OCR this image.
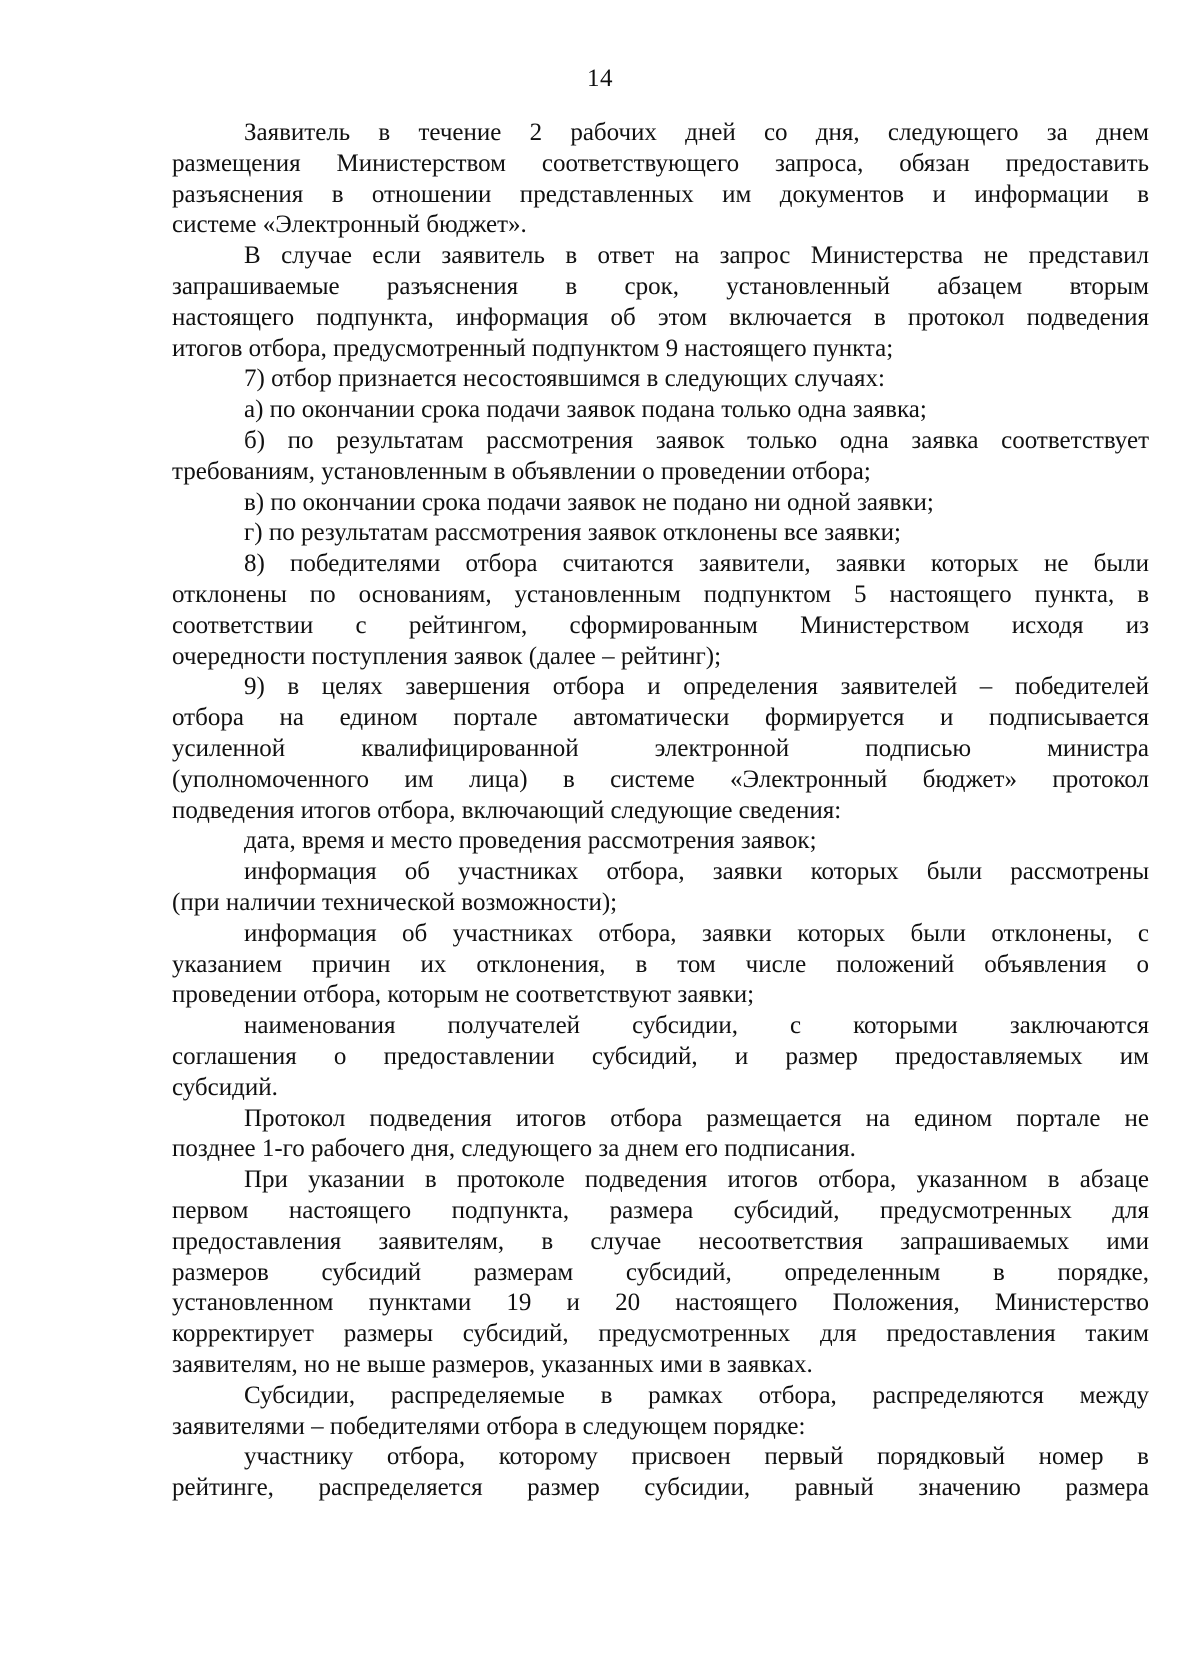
14
Заявитель в течение 2 рабочих дней со дня, следующего за днем
размещения Министерством соответствующего запроса, обязан предоставить
разъяснения в отношении представленных им документов и информации в
системе «Электронный бюджет».
В случае если заявитель в ответ на запрос Министерства не представил
запрашиваемые разъяснения в срок, установленный абзацем вторым
настоящего подпункта, информация об этом включается в протокол подведения
итогов отбора, предусмотренный подпунктом 9 настоящего пункта;
7) отбор признается несостоявшимся в следующих случаях:
а) по окончании срока подачи заявок подана только одна заявка;
б) по результатам рассмотрения заявок только одна заявка соответствует
требованиям, установленным в объявлении о проведении отбора;
в) по окончании срока подачи заявок не подано ни одной заявки;
г) по результатам рассмотрения заявок отклонены все заявки;
8) победителями отбора считаются заявители, заявки которых не были
отклонены по основаниям, установленным подпунктом 5 настоящего пункта, в
соответствии с рейтингом, сформированным Министерством исходя из
очередности поступления заявок (далее – рейтинг);
9) в целях завершения отбора и определения заявителей – победителей
отбора на едином портале автоматически формируется и подписывается
усиленной квалифицированной электронной подписью министра
(уполномоченного им лица) в системе «Электронный бюджет» протокол
подведения итогов отбора, включающий следующие сведения:
дата, время и место проведения рассмотрения заявок;
информация об участниках отбора, заявки которых были рассмотрены
(при наличии технической возможности);
информация об участниках отбора, заявки которых были отклонены, с
указанием причин их отклонения, в том числе положений объявления о
проведении отбора, которым не соответствуют заявки;
наименования получателей субсидии, с которыми заключаются
соглашения о предоставлении субсидий, и размер предоставляемых им
субсидий.
Протокол подведения итогов отбора размещается на едином портале не
позднее 1-го рабочего дня, следующего за днем его подписания.
При указании в протоколе подведения итогов отбора, указанном в абзаце
первом настоящего подпункта, размера субсидий, предусмотренных для
предоставления заявителям, в случае несоответствия запрашиваемых ими
размеров субсидий размерам субсидий, определенным в порядке,
установленном пунктами 19 и 20 настоящего Положения, Министерство
корректирует размеры субсидий, предусмотренных для предоставления таким
заявителям, но не выше размеров, указанных ими в заявках.
Субсидии, распределяемые в рамках отбора, распределяются между
заявителями – победителями отбора в следующем порядке:
участнику отбора, которому присвоен первый порядковый номер в
рейтинге, распределяется размер субсидии, равный значению размера
